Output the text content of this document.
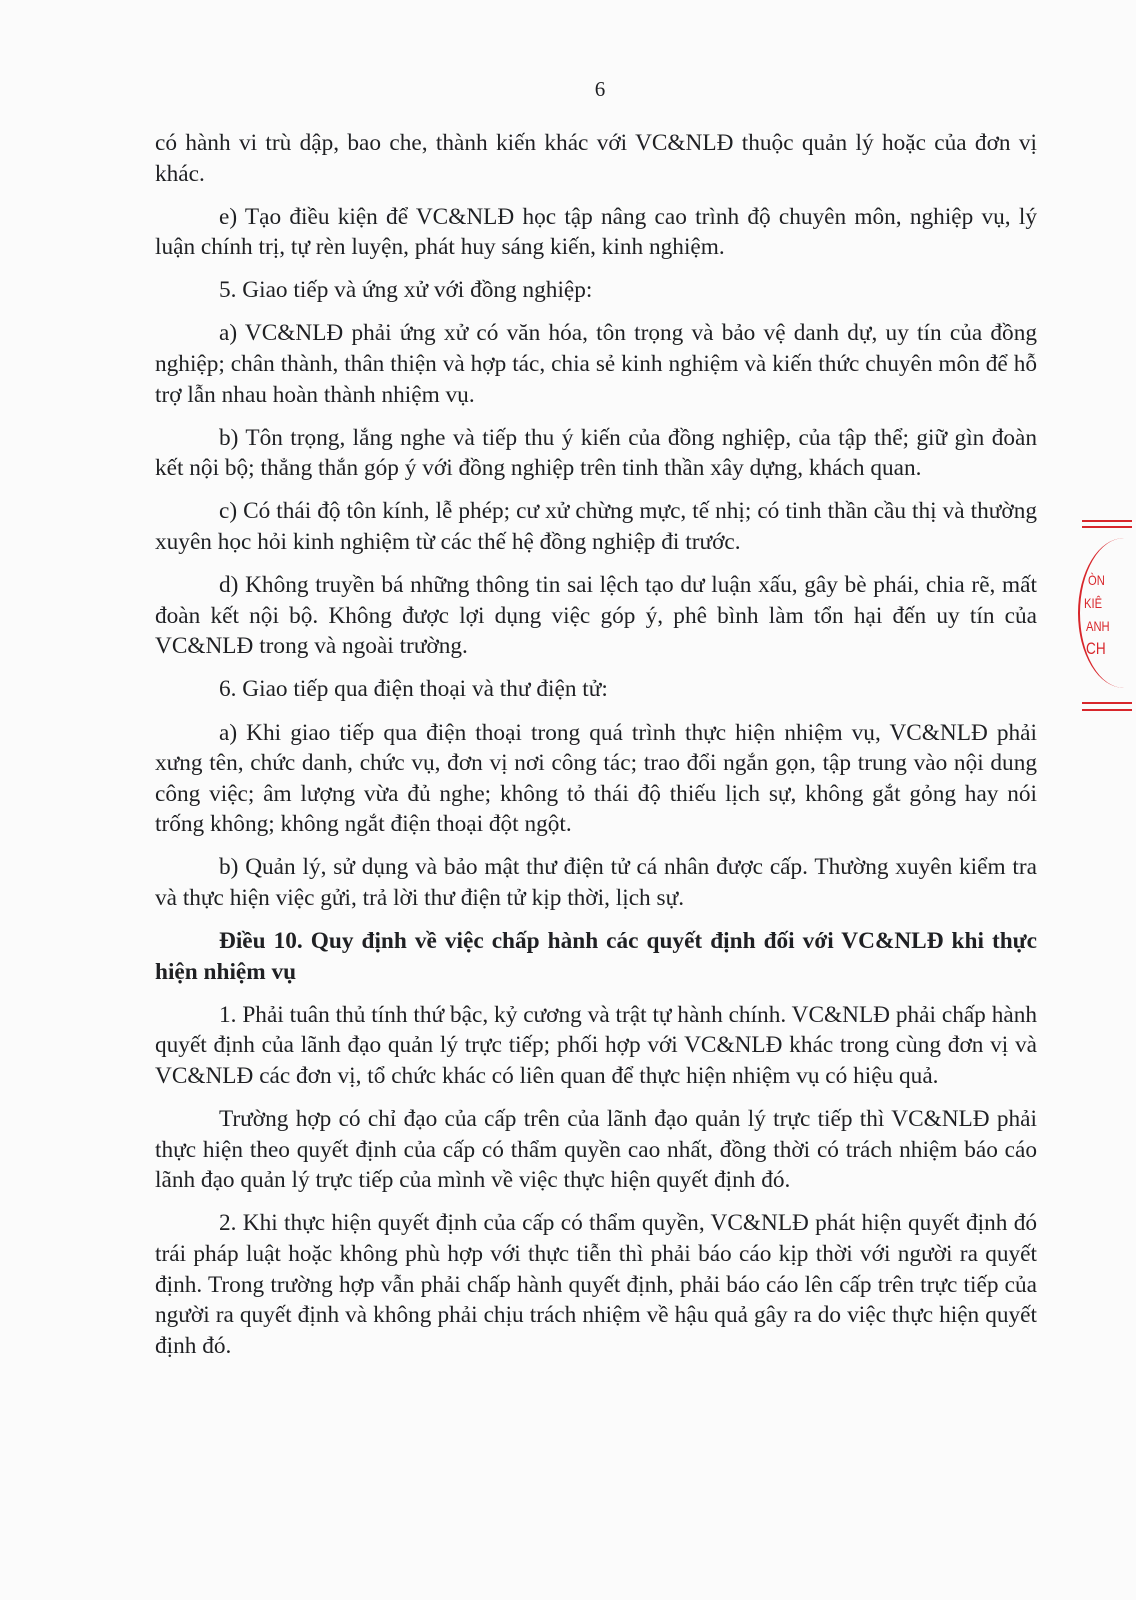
6

có hành vi trù dập, bao che, thành kiến khác với VC&NLĐ thuộc quản lý hoặc của đơn vị khác.

e) Tạo điều kiện để VC&NLĐ học tập nâng cao trình độ chuyên môn, nghiệp vụ, lý luận chính trị, tự rèn luyện, phát huy sáng kiến, kinh nghiệm.

5. Giao tiếp và ứng xử với đồng nghiệp:

a) VC&NLĐ phải ứng xử có văn hóa, tôn trọng và bảo vệ danh dự, uy tín của đồng nghiệp; chân thành, thân thiện và hợp tác, chia sẻ kinh nghiệm và kiến thức chuyên môn để hỗ trợ lẫn nhau hoàn thành nhiệm vụ.

b) Tôn trọng, lắng nghe và tiếp thu ý kiến của đồng nghiệp, của tập thể; giữ gìn đoàn kết nội bộ; thẳng thắn góp ý với đồng nghiệp trên tinh thần xây dựng, khách quan.

c) Có thái độ tôn kính, lễ phép; cư xử chừng mực, tế nhị; có tinh thần cầu thị và thường xuyên học hỏi kinh nghiệm từ các thế hệ đồng nghiệp đi trước.

d) Không truyền bá những thông tin sai lệch tạo dư luận xấu, gây bè phái, chia rẽ, mất đoàn kết nội bộ. Không được lợi dụng việc góp ý, phê bình làm tổn hại đến uy tín của VC&NLĐ trong và ngoài trường.

6. Giao tiếp qua điện thoại và thư điện tử:

a) Khi giao tiếp qua điện thoại trong quá trình thực hiện nhiệm vụ, VC&NLĐ phải xưng tên, chức danh, chức vụ, đơn vị nơi công tác; trao đổi ngắn gọn, tập trung vào nội dung công việc; âm lượng vừa đủ nghe; không tỏ thái độ thiếu lịch sự, không gắt gỏng hay nói trống không; không ngắt điện thoại đột ngột.

b) Quản lý, sử dụng và bảo mật thư điện tử cá nhân được cấp. Thường xuyên kiểm tra và thực hiện việc gửi, trả lời thư điện tử kịp thời, lịch sự.

Điều 10. Quy định về việc chấp hành các quyết định đối với VC&NLĐ khi thực hiện nhiệm vụ

1. Phải tuân thủ tính thứ bậc, kỷ cương và trật tự hành chính. VC&NLĐ phải chấp hành quyết định của lãnh đạo quản lý trực tiếp; phối hợp với VC&NLĐ khác trong cùng đơn vị và VC&NLĐ các đơn vị, tổ chức khác có liên quan để thực hiện nhiệm vụ có hiệu quả.

Trường hợp có chỉ đạo của cấp trên của lãnh đạo quản lý trực tiếp thì VC&NLĐ phải thực hiện theo quyết định của cấp có thẩm quyền cao nhất, đồng thời có trách nhiệm báo cáo lãnh đạo quản lý trực tiếp của mình về việc thực hiện quyết định đó.

2. Khi thực hiện quyết định của cấp có thẩm quyền, VC&NLĐ phát hiện quyết định đó trái pháp luật hoặc không phù hợp với thực tiễn thì phải báo cáo kịp thời với người ra quyết định. Trong trường hợp vẫn phải chấp hành quyết định, phải báo cáo lên cấp trên trực tiếp của người ra quyết định và không phải chịu trách nhiệm về hậu quả gây ra do việc thực hiện quyết định đó.

ÒN
KIÊ
ANH
CH
